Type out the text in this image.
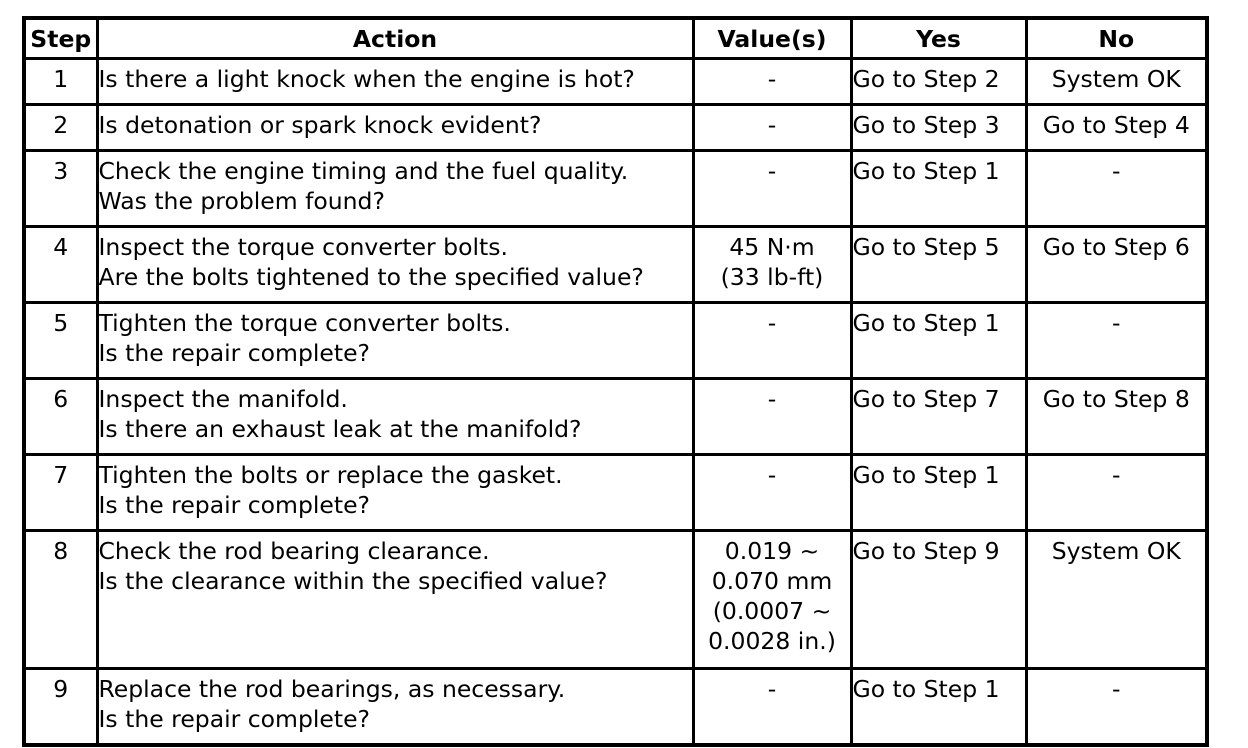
Step	Action	Value(s)	Yes	No
1	Is there a light knock when the engine is hot?	-	Go to Step 2	System OK
2	Is detonation or spark knock evident?	-	Go to Step 3	Go to Step 4
3	Check the engine timing and the fuel quality.
Was the problem found?	-	Go to Step 1	-
4	Inspect the torque converter bolts.
Are the bolts tightened to the specified value?	45 N·m
(33 lb-ft)	Go to Step 5	Go to Step 6
5	Tighten the torque converter bolts.
Is the repair complete?	-	Go to Step 1	-
6	Inspect the manifold.
Is there an exhaust leak at the manifold?	-	Go to Step 7	Go to Step 8
7	Tighten the bolts or replace the gasket.
Is the repair complete?	-	Go to Step 1	-
8	Check the rod bearing clearance.
Is the clearance within the specified value?	0.019 ~
0.070 mm
(0.0007 ~
0.0028 in.)	Go to Step 9	System OK
9	Replace the rod bearings, as necessary.
Is the repair complete?	-	Go to Step 1	-
